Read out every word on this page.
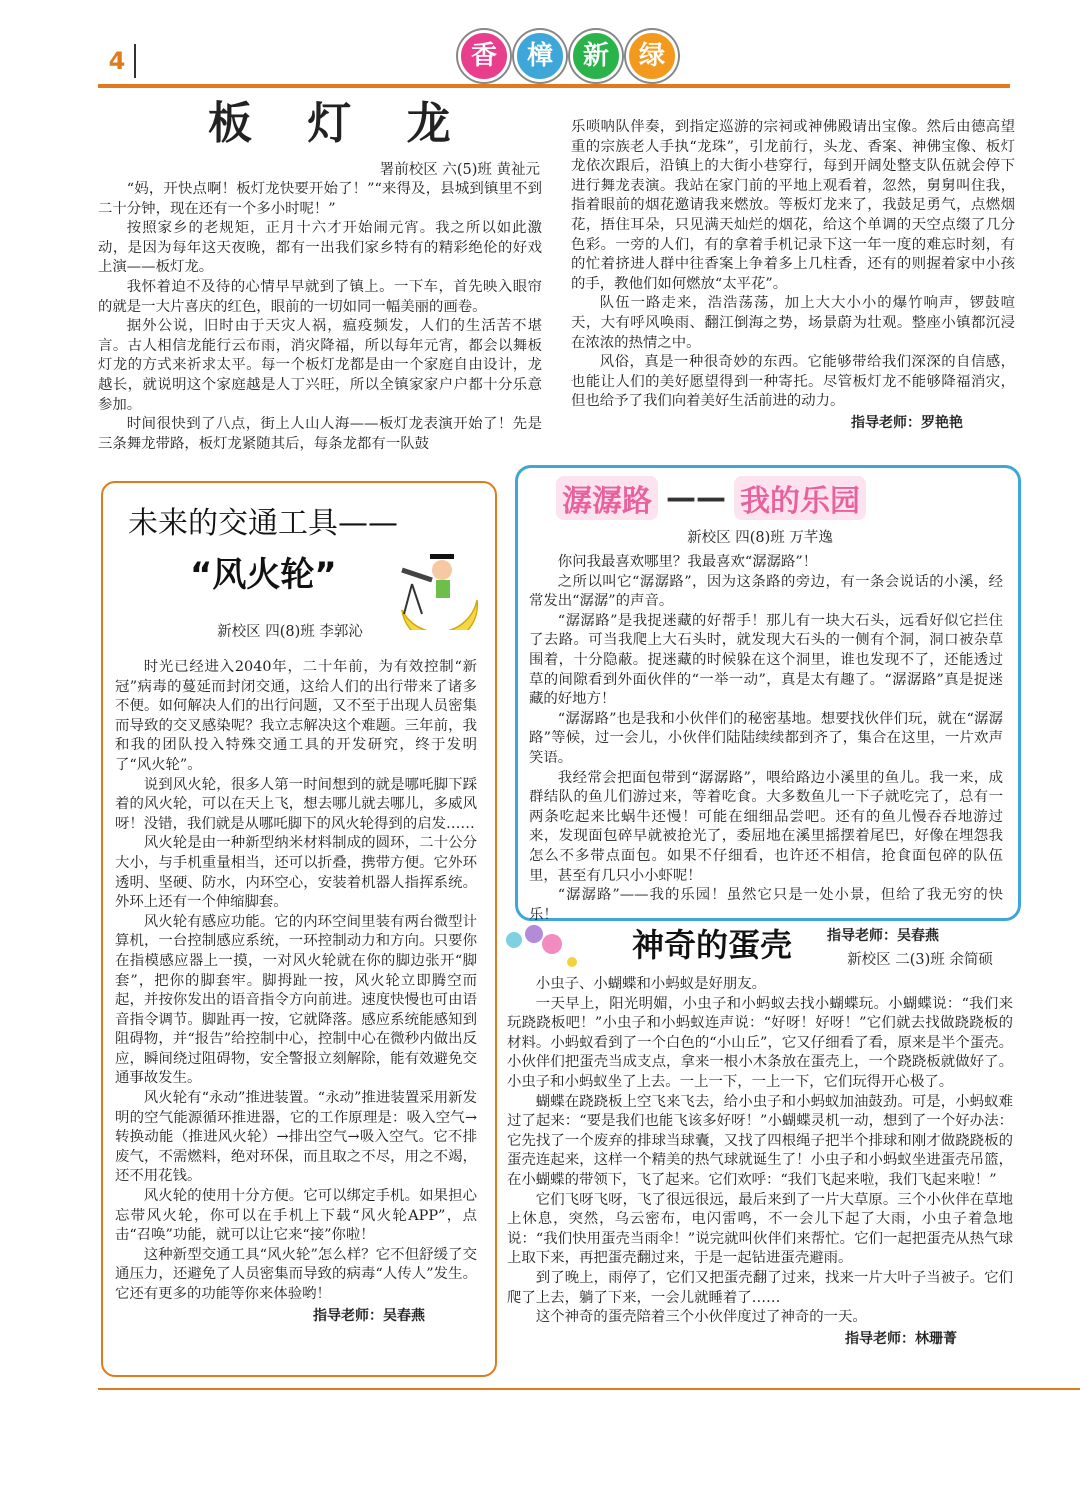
4	香	樟	新	绿
板 灯 龙
署前校区 六(5)班 黄祉元

“妈，开快点啊！板灯龙快要开始了！”“来得及，县城到镇里不到二十分钟，现在还有一个多小时呢！”

按照家乡的老规矩，正月十六才开始闹元宵。我之所以如此激动，是因为每年这天夜晚，都有一出我们家乡特有的精彩绝伦的好戏上演——板灯龙。

我怀着迫不及待的心情早早就到了镇上。一下车，首先映入眼帘的就是一大片喜庆的红色，眼前的一切如同一幅美丽的画卷。

据外公说，旧时由于天灾人祸，瘟疫频发，人们的生活苦不堪言。古人相信龙能行云布雨，消灾降福，所以每年元宵，都会以舞板灯龙的方式来祈求太平。每一个板灯龙都是由一个家庭自由设计，龙越长，就说明这个家庭越是人丁兴旺，所以全镇家家户户都十分乐意参加。

时间很快到了八点，街上人山人海——板灯龙表演开始了！先是三条舞龙带路，板灯龙紧随其后，每条龙都有一队鼓

乐唢呐队伴奏，到指定巡游的宗祠或神佛殿请出宝像。然后由德高望重的宗族老人手执“龙珠”，引龙前行，头龙、香案、神佛宝像、板灯龙依次跟后，沿镇上的大街小巷穿行，每到开阔处整支队伍就会停下进行舞龙表演。我站在家门前的平地上观看着，忽然，舅舅叫住我，指着眼前的烟花邀请我来燃放。等板灯龙来了，我鼓足勇气，点燃烟花，捂住耳朵，只见满天灿烂的烟花，给这个单调的天空点缀了几分色彩。一旁的人们，有的拿着手机记录下这一年一度的难忘时刻，有的忙着挤进人群中往香案上争着多上几柱香，还有的则握着家中小孩的手，教他们如何燃放“太平花”。

队伍一路走来，浩浩荡荡，加上大大小小的爆竹响声，锣鼓喧天，大有呼风唤雨、翻江倒海之势，场景蔚为壮观。整座小镇都沉浸在浓浓的热情之中。

风俗，真是一种很奇妙的东西。它能够带给我们深深的自信感，也能让人们的美好愿望得到一种寄托。尽管板灯龙不能够降福消灾，但也给予了我们向着美好生活前进的动力。

指导老师：罗艳艳

未来的交通工具——
“风火轮”
新校区 四(8)班 李郭沁

时光已经进入2040年，二十年前，为有效控制“新冠”病毒的蔓延而封闭交通，这给人们的出行带来了诸多不便。如何解决人们的出行问题，又不至于出现人员密集而导致的交叉感染呢？我立志解决这个难题。三年前，我和我的团队投入特殊交通工具的开发研究，终于发明了“风火轮”。

说到风火轮，很多人第一时间想到的就是哪吒脚下踩着的风火轮，可以在天上飞，想去哪儿就去哪儿，多威风呀！没错，我们就是从哪吒脚下的风火轮得到的启发……

风火轮是由一种新型纳米材料制成的圆环，二十公分大小，与手机重量相当，还可以折叠，携带方便。它外环透明、坚硬、防水，内环空心，安装着机器人指挥系统。外环上还有一个伸缩脚套。

风火轮有感应功能。它的内环空间里装有两台微型计算机，一台控制感应系统，一环控制动力和方向。只要你在指模感应器上一摸，一对风火轮就在你的脚边张开“脚套”，把你的脚套牢。脚拇趾一按，风火轮立即腾空而起，并按你发出的语音指令方向前进。速度快慢也可由语音指令调节。脚趾再一按，它就降落。感应系统能感知到阻碍物，并“报告”给控制中心，控制中心在微秒内做出反应，瞬间绕过阻碍物，安全警报立刻解除，能有效避免交通事故发生。

风火轮有“永动”推进装置。“永动”推进装置采用新发明的空气能源循环推进器，它的工作原理是：吸入空气→转换动能（推进风火轮）→排出空气→吸入空气。它不排废气，不需燃料，绝对环保，而且取之不尽，用之不竭，还不用花钱。

风火轮的使用十分方便。它可以绑定手机。如果担心忘带风火轮，你可以在手机上下载“风火轮APP”，点击“召唤”功能，就可以让它来“接”你啦！

这种新型交通工具“风火轮”怎么样？它不但舒缓了交通压力，还避免了人员密集而导致的病毒“人传人”发生。它还有更多的功能等你来体验哟！

指导老师：吴春燕

潺潺路 —— 我的乐园
新校区 四(8)班 万芊逸

你问我最喜欢哪里？我最喜欢“潺潺路”！

之所以叫它“潺潺路”，因为这条路的旁边，有一条会说话的小溪，经常发出“潺潺”的声音。

“潺潺路”是我捉迷藏的好帮手！那儿有一块大石头，远看好似它拦住了去路。可当我爬上大石头时，就发现大石头的一侧有个洞，洞口被杂草围着，十分隐蔽。捉迷藏的时候躲在这个洞里，谁也发现不了，还能透过草的间隙看到外面伙伴的“一举一动”，真是太有趣了。“潺潺路”真是捉迷藏的好地方！

“潺潺路”也是我和小伙伴们的秘密基地。想要找伙伴们玩，就在“潺潺路”等候，过一会儿，小伙伴们陆陆续续都到齐了，集合在这里，一片欢声笑语。

我经常会把面包带到“潺潺路”，喂给路边小溪里的鱼儿。我一来，成群结队的鱼儿们游过来，等着吃食。大多数鱼儿一下子就吃完了，总有一两条吃起来比蜗牛还慢！可能在细细品尝吧。还有的鱼儿慢吞吞地游过来，发现面包碎早就被抢光了，委屈地在溪里摇摆着尾巴，好像在埋怨我怎么不多带点面包。如果不仔细看，也许还不相信，抢食面包碎的队伍里，甚至有几只小小虾呢！

“潺潺路”——我的乐园！虽然它只是一处小景，但给了我无穷的快乐！

指导老师：吴春燕

神奇的蛋壳	新校区 二(3)班 余简硕

小虫子、小蝴蝶和小蚂蚁是好朋友。

一天早上，阳光明媚，小虫子和小蚂蚁去找小蝴蝶玩。小蝴蝶说：“我们来玩跷跷板吧！”小虫子和小蚂蚁连声说：“好呀！好呀！”它们就去找做跷跷板的材料。小蚂蚁看到了一个白色的“小山丘”，它又仔细看了看，原来是半个蛋壳。小伙伴们把蛋壳当成支点，拿来一根小木条放在蛋壳上，一个跷跷板就做好了。小虫子和小蚂蚁坐了上去。一上一下，一上一下，它们玩得开心极了。

蝴蝶在跷跷板上空飞来飞去，给小虫子和小蚂蚁加油鼓劲。可是，小蚂蚁难过了起来：“要是我们也能飞该多好呀！”小蝴蝶灵机一动，想到了一个好办法：它先找了一个废弃的排球当球囊，又找了四根绳子把半个排球和刚才做跷跷板的蛋壳连起来，这样一个精美的热气球就诞生了！小虫子和小蚂蚁坐进蛋壳吊篮，在小蝴蝶的带领下，飞了起来。它们欢呼：“我们飞起来啦，我们飞起来啦！”

它们飞呀飞呀，飞了很远很远，最后来到了一片大草原。三个小伙伴在草地上休息，突然，乌云密布，电闪雷鸣，不一会儿下起了大雨，小虫子着急地说：“我们快用蛋壳当雨伞！”说完就叫伙伴们来帮忙。它们一起把蛋壳从热气球上取下来，再把蛋壳翻过来，于是一起钻进蛋壳避雨。

到了晚上，雨停了，它们又把蛋壳翻了过来，找来一片大叶子当被子。它们爬了上去，躺了下来，一会儿就睡着了……

这个神奇的蛋壳陪着三个小伙伴度过了神奇的一天。

指导老师：林珊菁
